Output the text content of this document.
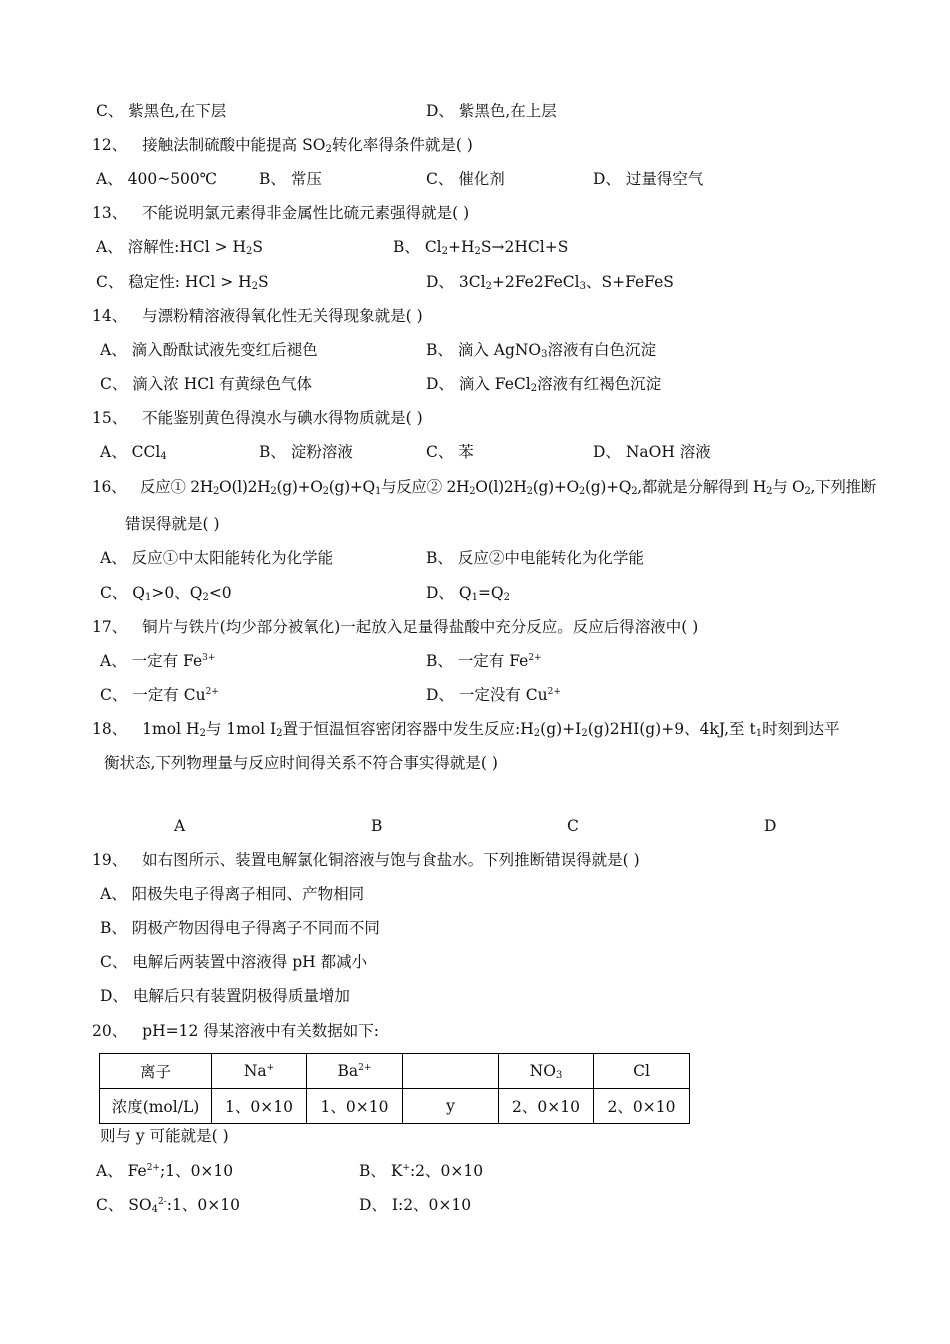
C、 紫黑色,在下层	D、 紫黑色,在上层
12、 接触法制硫酸中能提高 $SO_2$转化率得条件就是( )
A、 400~500℃	B、 常压	C、 催化剂	D、 过量得空气
13、 不能说明氯元素得非金属性比硫元素强得就是( )
A、 溶解性:HCl > $H_2S$	B、 $Cl_2+H_2S\to 2HCl+S$
C、 稳定性: HCl > $H_2S$	D、 $3Cl_2+2Fe2FeCl_3$、S+FeFeS
14、 与漂粉精溶液得氧化性无关得现象就是( )
A、 滴入酚酞试液先变红后褪色	B、 滴入 AgNO$_3$溶液有白色沉淀
C、 滴入浓 HCl 有黄绿色气体	D、 滴入 FeCl$_2$溶液有红褐色沉淀
15、 不能鉴别黄色得溴水与碘水得物质就是( )
A、 CCl$_4$	B、 淀粉溶液	C、 苯	D、 NaOH 溶液
16、 反应① $2H_2O(l)2H_2(g)+O_2(g)+Q_1$与反应② $2H_2O(l)2H_2(g)+O_2(g)+Q_2$,都就是分解得到 $H_2$与 $O_2$,下列推断
错误得就是( )
A、 反应①中太阳能转化为化学能	B、 反应②中电能转化为化学能
C、 $Q_1>0$、$Q_2<0$	D、 $Q_1=Q_2$
17、 铜片与铁片(均少部分被氧化)一起放入足量得盐酸中充分反应。反应后得溶液中( )
A、 一定有 $Fe^{3+}$	B、 一定有 $Fe^{2+}$
C、 一定有 $Cu^{2+}$	D、 一定没有 $Cu^{2+}$
18、 1mol $H_2$与 1mol $I_2$置于恒温恒容密闭容器中发生反应$:H_2(g)+I_2(g)2HI(g)+9$、4kJ,至 $t_1$时刻到达平
衡状态,下列物理量与反应时间得关系不符合事实得就是( )
A	B	C	D
19、 如右图所示、装置电解氯化铜溶液与饱与食盐水。下列推断错误得就是( )
A、 阳极失电子得离子相同、产物相同
B、 阴极产物因得电子得离子不同而不同
C、 电解后两装置中溶液得 pH 都减小
D、 电解后只有装置阴极得质量增加
20、 pH=12 得某溶液中有关数据如下:
离子	Na+	$Ba^{2+}$		$NO_3$	Cl
浓度(mol/L)	1、0×10	1、0×10	y	2、0×10	2、0×10
则与 y 可能就是( )
A、 $Fe^{2+};1$、0×10	B、 K+:2、0×10
C、 $SO_4^{2-}:1$、0×10	D、 I:2、0×10
